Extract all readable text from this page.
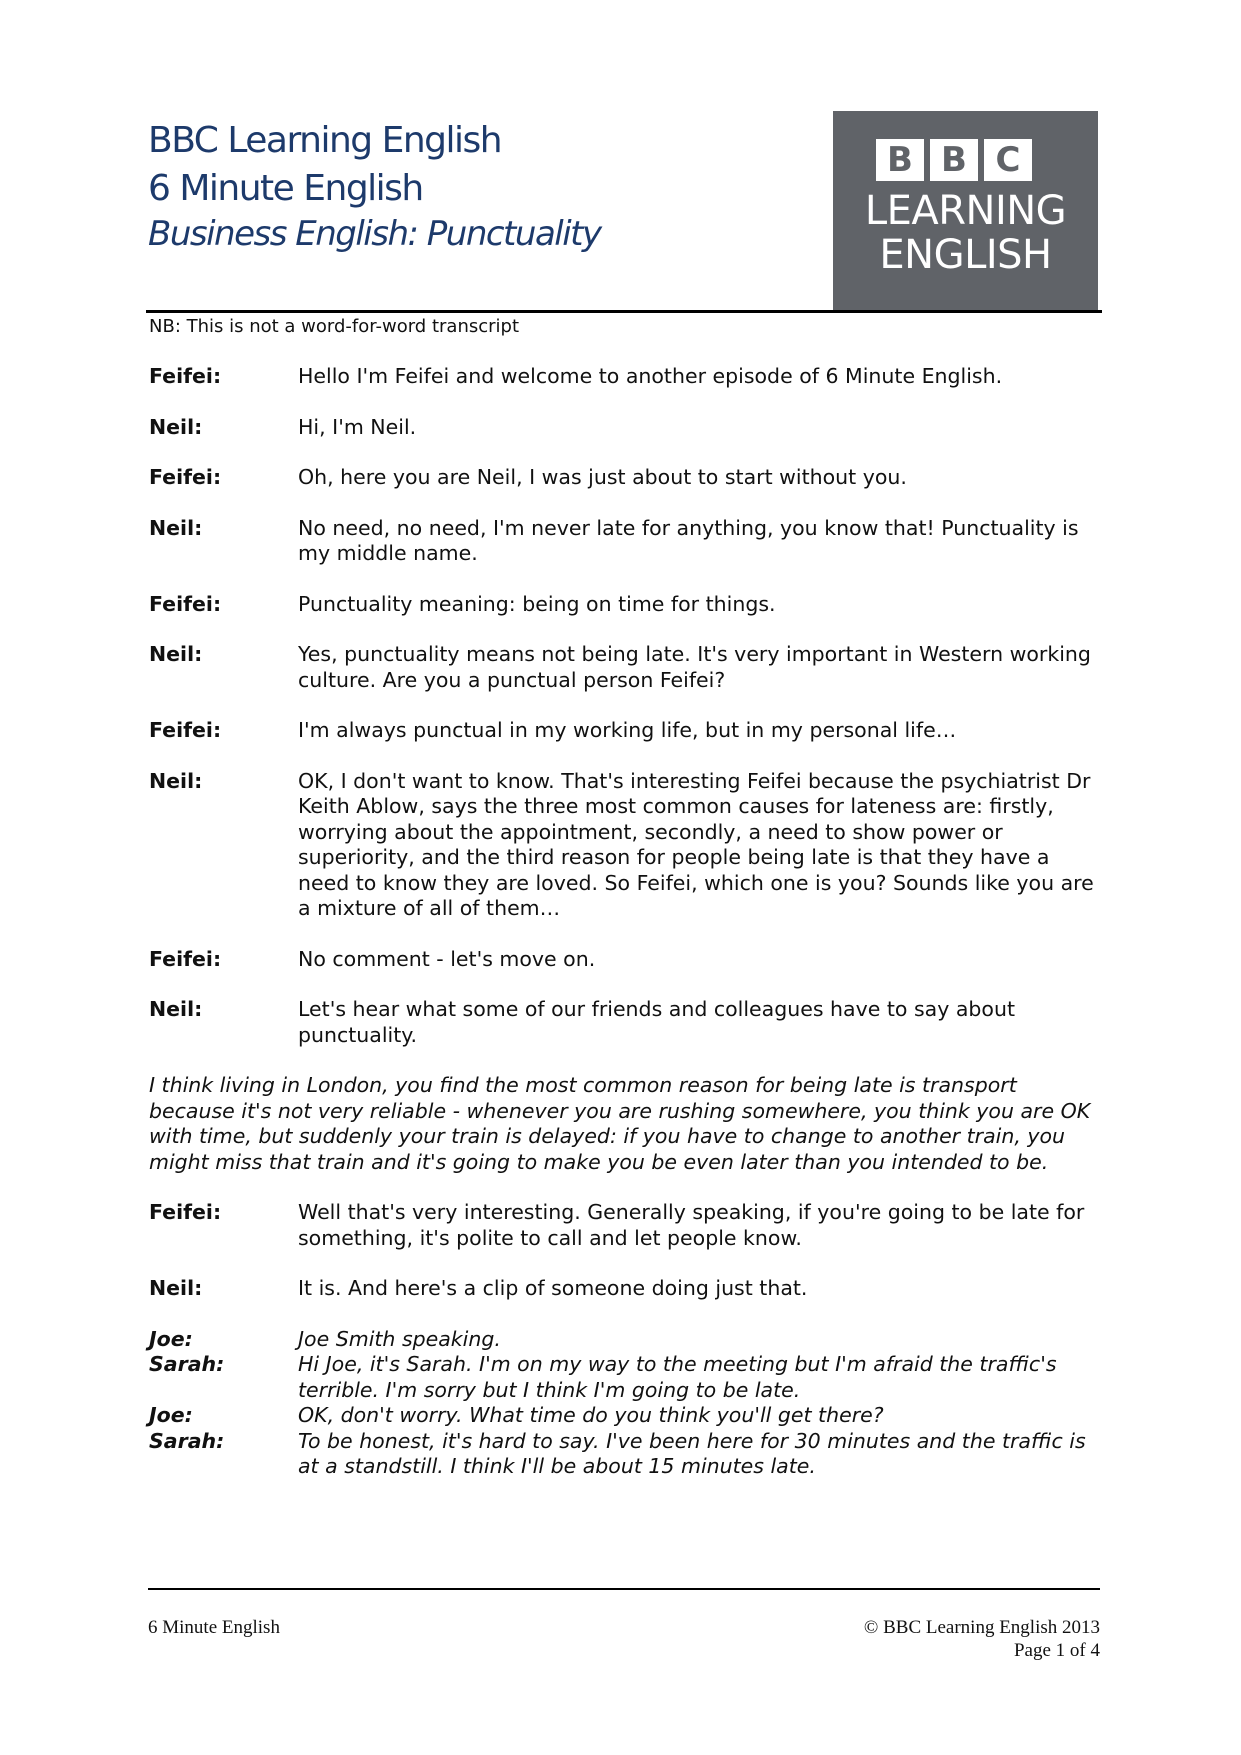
BBC Learning English
6 Minute English
Business English: Punctuality
B B C
LEARNING
ENGLISH
NB: This is not a word-for-word transcript
Feifei:	Hello I'm Feifei and welcome to another episode of 6 Minute English.
Neil:	Hi, I'm Neil.
Feifei:	Oh, here you are Neil, I was just about to start without you.
Neil:	No need, no need, I'm never late for anything, you know that! Punctuality is my middle name.
Feifei:	Punctuality meaning: being on time for things.
Neil:	Yes, punctuality means not being late. It's very important in Western working culture. Are you a punctual person Feifei?
Feifei:	I'm always punctual in my working life, but in my personal life…
Neil:	OK, I don't want to know. That's interesting Feifei because the psychiatrist Dr Keith Ablow, says the three most common causes for lateness are: firstly, worrying about the appointment, secondly, a need to show power or superiority, and the third reason for people being late is that they have a need to know they are loved. So Feifei, which one is you? Sounds like you are a mixture of all of them…
Feifei:	No comment - let's move on.
Neil:	Let's hear what some of our friends and colleagues have to say about punctuality.
I think living in London, you find the most common reason for being late is transport because it's not very reliable - whenever you are rushing somewhere, you think you are OK with time, but suddenly your train is delayed: if you have to change to another train, you might miss that train and it's going to make you be even later than you intended to be.
Feifei:	Well that's very interesting. Generally speaking, if you're going to be late for something, it's polite to call and let people know.
Neil:	It is. And here's a clip of someone doing just that.
Joe:	Joe Smith speaking.
Sarah:	Hi Joe, it's Sarah. I'm on my way to the meeting but I'm afraid the traffic's terrible. I'm sorry but I think I'm going to be late.
Joe:	OK, don't worry. What time do you think you'll get there?
Sarah:	To be honest, it's hard to say. I've been here for 30 minutes and the traffic is at a standstill. I think I'll be about 15 minutes late.
6 Minute English	© BBC Learning English 2013
Page 1 of 4
